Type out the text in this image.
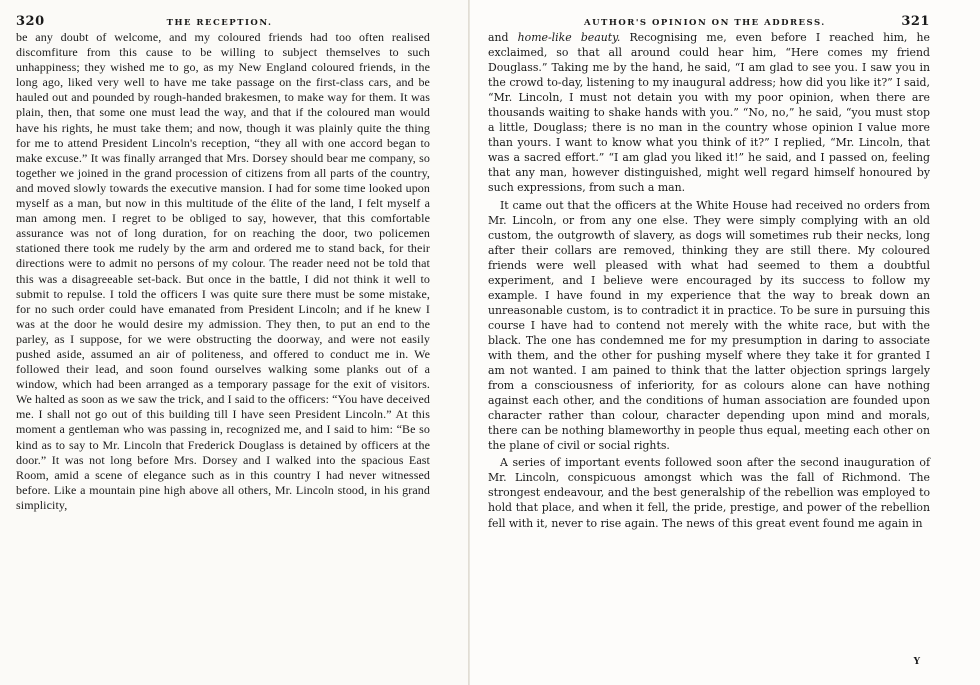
320	THE RECEPTION.

be any doubt of welcome, and my coloured friends had too often realised discomfiture from this cause to be willing to subject themselves to such unhappiness; they wished me to go, as my New England coloured friends, in the long ago, liked very well to have me take passage on the first-class cars, and be hauled out and pounded by rough-handed brakesmen, to make way for them. It was plain, then, that some one must lead the way, and that if the coloured man would have his rights, he must take them; and now, though it was plainly quite the thing for me to attend President Lincoln's reception, “they all with one accord began to make excuse.” It was finally arranged that Mrs. Dorsey should bear me company, so together we joined in the grand procession of citizens from all parts of the country, and moved slowly towards the executive mansion. I had for some time looked upon myself as a man, but now in this multitude of the élite of the land, I felt myself a man among men. I regret to be obliged to say, however, that this comfortable assurance was not of long duration, for on reaching the door, two policemen stationed there took me rudely by the arm and ordered me to stand back, for their directions were to admit no persons of my colour. The reader need not be told that this was a disagreeable set-back. But once in the battle, I did not think it well to submit to repulse. I told the officers I was quite sure there must be some mistake, for no such order could have emanated from President Lincoln; and if he knew I was at the door he would desire my admission. They then, to put an end to the parley, as I suppose, for we were obstructing the doorway, and were not easily pushed aside, assumed an air of politeness, and offered to conduct me in. We followed their lead, and soon found ourselves walking some planks out of a window, which had been arranged as a temporary passage for the exit of visitors. We halted as soon as we saw the trick, and I said to the officers: “You have deceived me. I shall not go out of this building till I have seen President Lincoln.” At this moment a gentleman who was passing in, recognized me, and I said to him: “Be so kind as to say to Mr. Lincoln that Frederick Douglass is detained by officers at the door.” It was not long before Mrs. Dorsey and I walked into the spacious East Room, amid a scene of elegance such as in this country I had never witnessed before. Like a mountain pine high above all others, Mr. Lincoln stood, in his grand simplicity,

AUTHOR'S OPINION ON THE ADDRESS.	321

and home-like beauty. Recognising me, even before I reached him, he exclaimed, so that all around could hear him, “Here comes my friend Douglass.” Taking me by the hand, he said, “I am glad to see you. I saw you in the crowd to-day, listening to my inaugural address; how did you like it?” I said, “Mr. Lincoln, I must not detain you with my poor opinion, when there are thousands waiting to shake hands with you.” “No, no,” he said, “you must stop a little, Douglass; there is no man in the country whose opinion I value more than yours. I want to know what you think of it?” I replied, “Mr. Lincoln, that was a sacred effort.” “I am glad you liked it!” he said, and I passed on, feeling that any man, however distinguished, might well regard himself honoured by such expressions, from such a man.

It came out that the officers at the White House had received no orders from Mr. Lincoln, or from any one else. They were simply complying with an old custom, the outgrowth of slavery, as dogs will sometimes rub their necks, long after their collars are removed, thinking they are still there. My coloured friends were well pleased with what had seemed to them a doubtful experiment, and I believe were encouraged by its success to follow my example. I have found in my experience that the way to break down an unreasonable custom, is to contradict it in practice. To be sure in pursuing this course I have had to contend not merely with the white race, but with the black. The one has condemned me for my presumption in daring to associate with them, and the other for pushing myself where they take it for granted I am not wanted. I am pained to think that the latter objection springs largely from a consciousness of inferiority, for as colours alone can have nothing against each other, and the conditions of human association are founded upon character rather than colour, character depending upon mind and morals, there can be nothing blameworthy in people thus equal, meeting each other on the plane of civil or social rights.

A series of important events followed soon after the second inauguration of Mr. Lincoln, conspicuous amongst which was the fall of Richmond. The strongest endeavour, and the best generalship of the rebellion was employed to hold that place, and when it fell, the pride, prestige, and power of the rebellion fell with it, never to rise again. The news of this great event found me again in

Y
